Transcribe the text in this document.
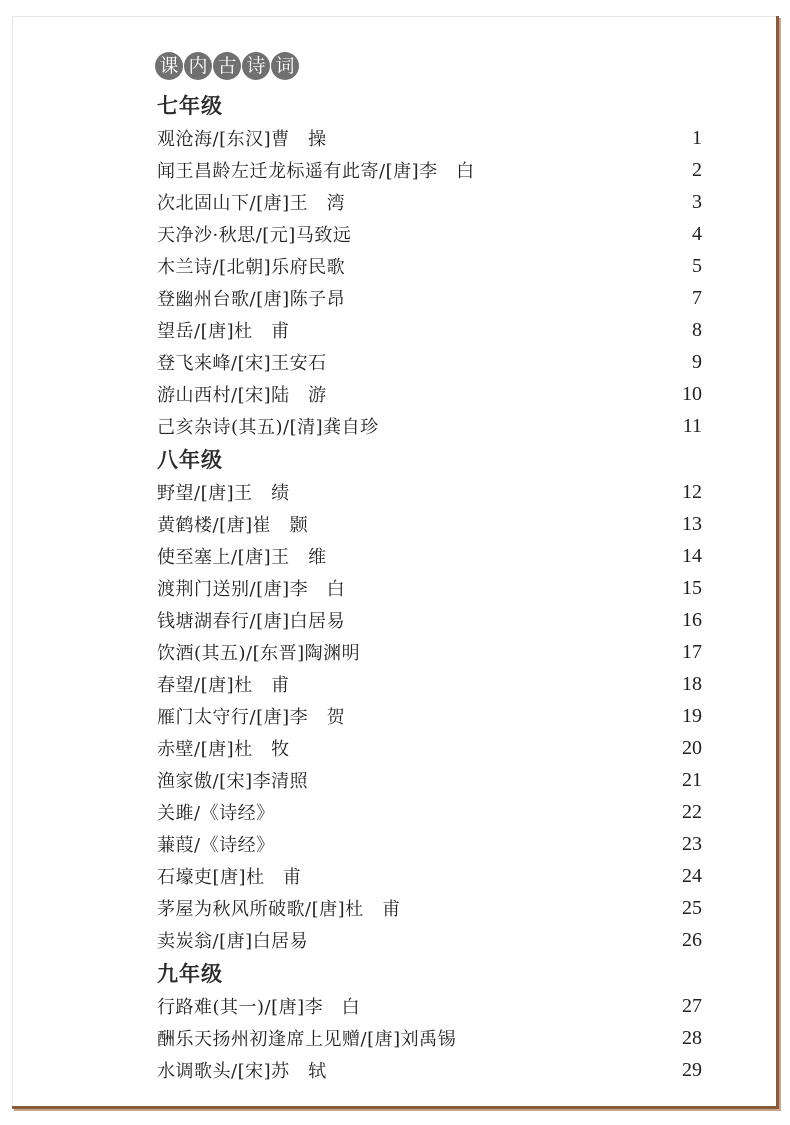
课 内 古 诗 词
七年级
观沧海/[东汉]曹　操	1
闻王昌龄左迁龙标遥有此寄/[唐]李　白	2
次北固山下/[唐]王　湾	3
天净沙·秋思/[元]马致远	4
木兰诗/[北朝]乐府民歌	5
登幽州台歌/[唐]陈子昂	7
望岳/[唐]杜　甫	8
登飞来峰/[宋]王安石	9
游山西村/[宋]陆　游	10
己亥杂诗(其五)/[清]龚自珍	11
八年级
野望/[唐]王　绩	12
黄鹤楼/[唐]崔　颢	13
使至塞上/[唐]王　维	14
渡荆门送别/[唐]李　白	15
钱塘湖春行/[唐]白居易	16
饮酒(其五)/[东晋]陶渊明	17
春望/[唐]杜　甫	18
雁门太守行/[唐]李　贺	19
赤壁/[唐]杜　牧	20
渔家傲/[宋]李清照	21
关雎/《诗经》	22
蒹葭/《诗经》	23
石壕吏[唐]杜　甫	24
茅屋为秋风所破歌/[唐]杜　甫	25
卖炭翁/[唐]白居易	26
九年级
行路难(其一)/[唐]李　白	27
酬乐天扬州初逢席上见赠/[唐]刘禹锡	28
水调歌头/[宋]苏　轼	29
